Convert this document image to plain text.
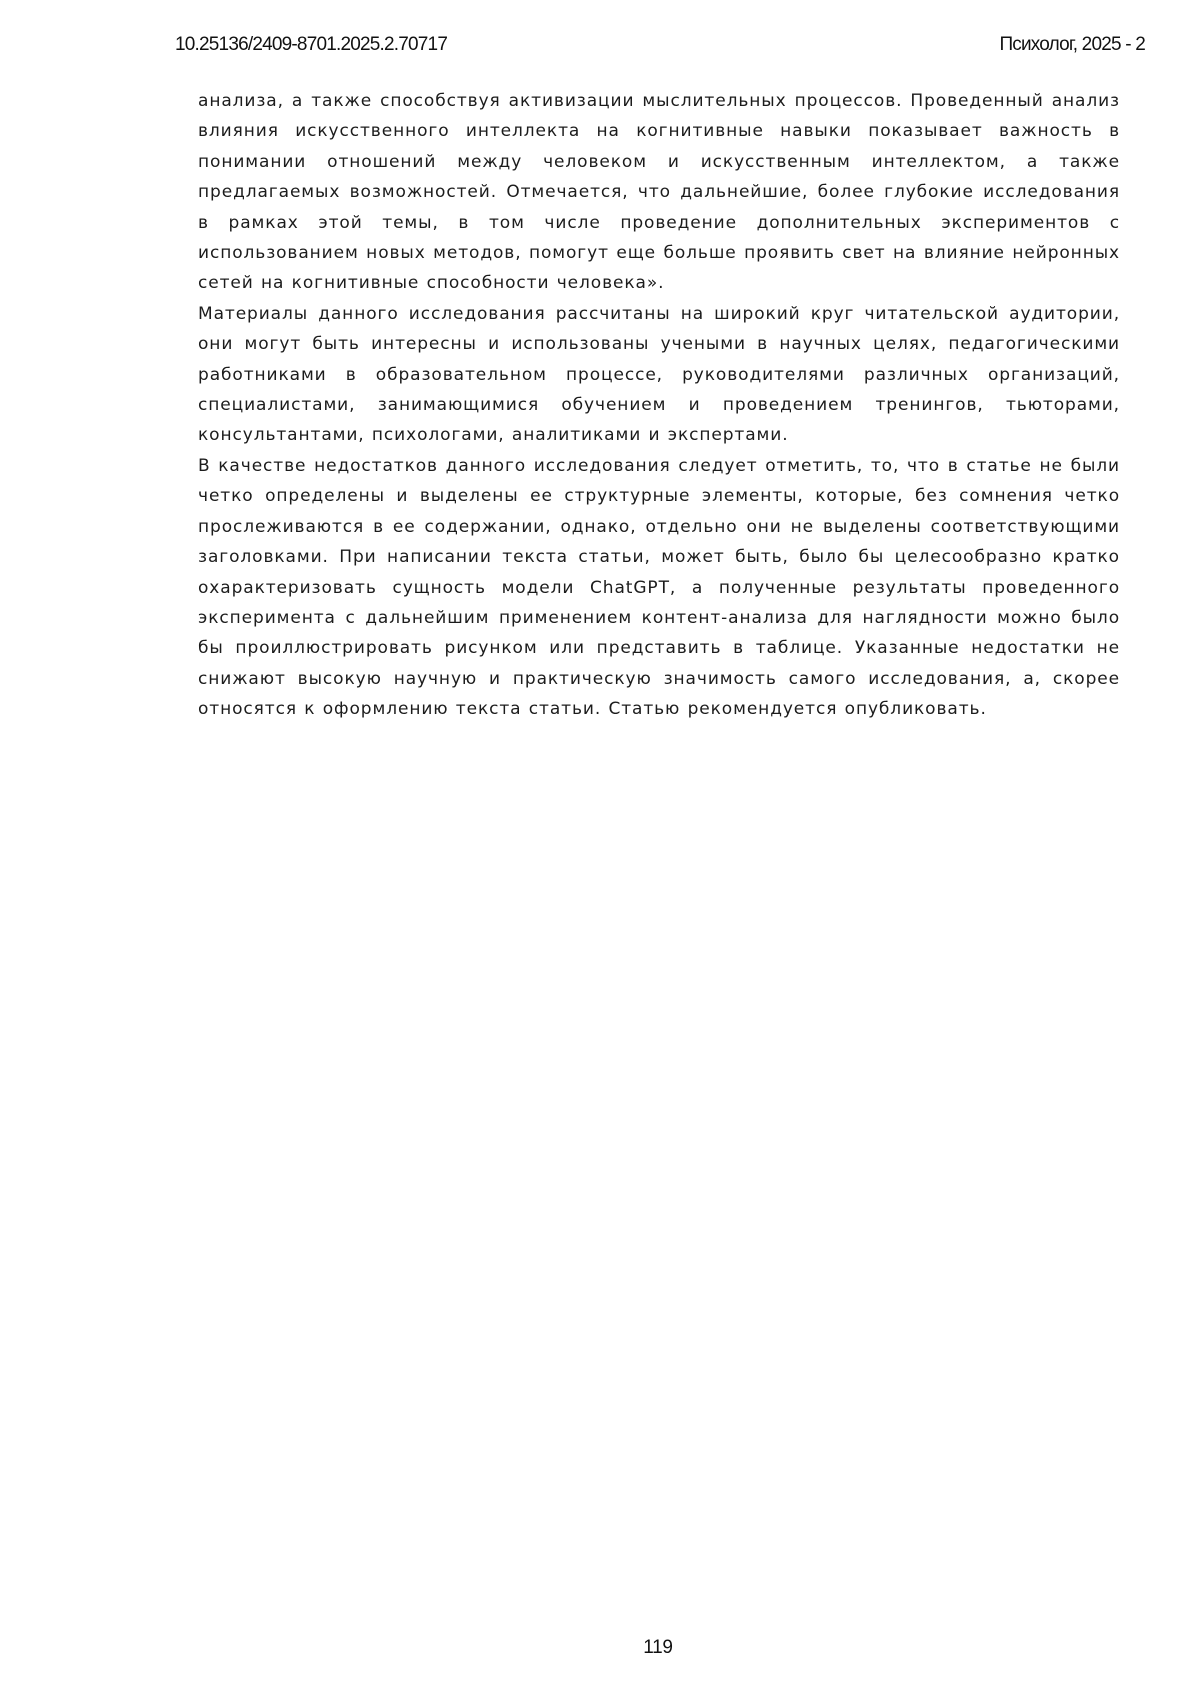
10.25136/2409-8701.2025.2.70717	Психолог, 2025 - 2

анализа, а также способствуя активизации мыслительных процессов. Проведенный анализ влияния искусственного интеллекта на когнитивные навыки показывает важность в понимании отношений между человеком и искусственным интеллектом, а также предлагаемых возможностей. Отмечается, что дальнейшие, более глубокие исследования в рамках этой темы, в том числе проведение дополнительных экспериментов с использованием новых методов, помогут еще больше проявить свет на влияние нейронных сетей на когнитивные способности человека».

Материалы данного исследования рассчитаны на широкий круг читательской аудитории, они могут быть интересны и использованы учеными в научных целях, педагогическими работниками в образовательном процессе, руководителями различных организаций, специалистами, занимающимися обучением и проведением тренингов, тьюторами, консультантами, психологами, аналитиками и экспертами.

В качестве недостатков данного исследования следует отметить, то, что в статье не были четко определены и выделены ее структурные элементы, которые, без сомнения четко прослеживаются в ее содержании, однако, отдельно они не выделены соответствующими заголовками. При написании текста статьи, может быть, было бы целесообразно кратко охарактеризовать сущность модели ChatGPT, а полученные результаты проведенного эксперимента с дальнейшим применением контент-анализа для наглядности можно было бы проиллюстрировать рисунком или представить в таблице. Указанные недостатки не снижают высокую научную и практическую значимость самого исследования, а, скорее относятся к оформлению текста статьи. Статью рекомендуется опубликовать.

119
